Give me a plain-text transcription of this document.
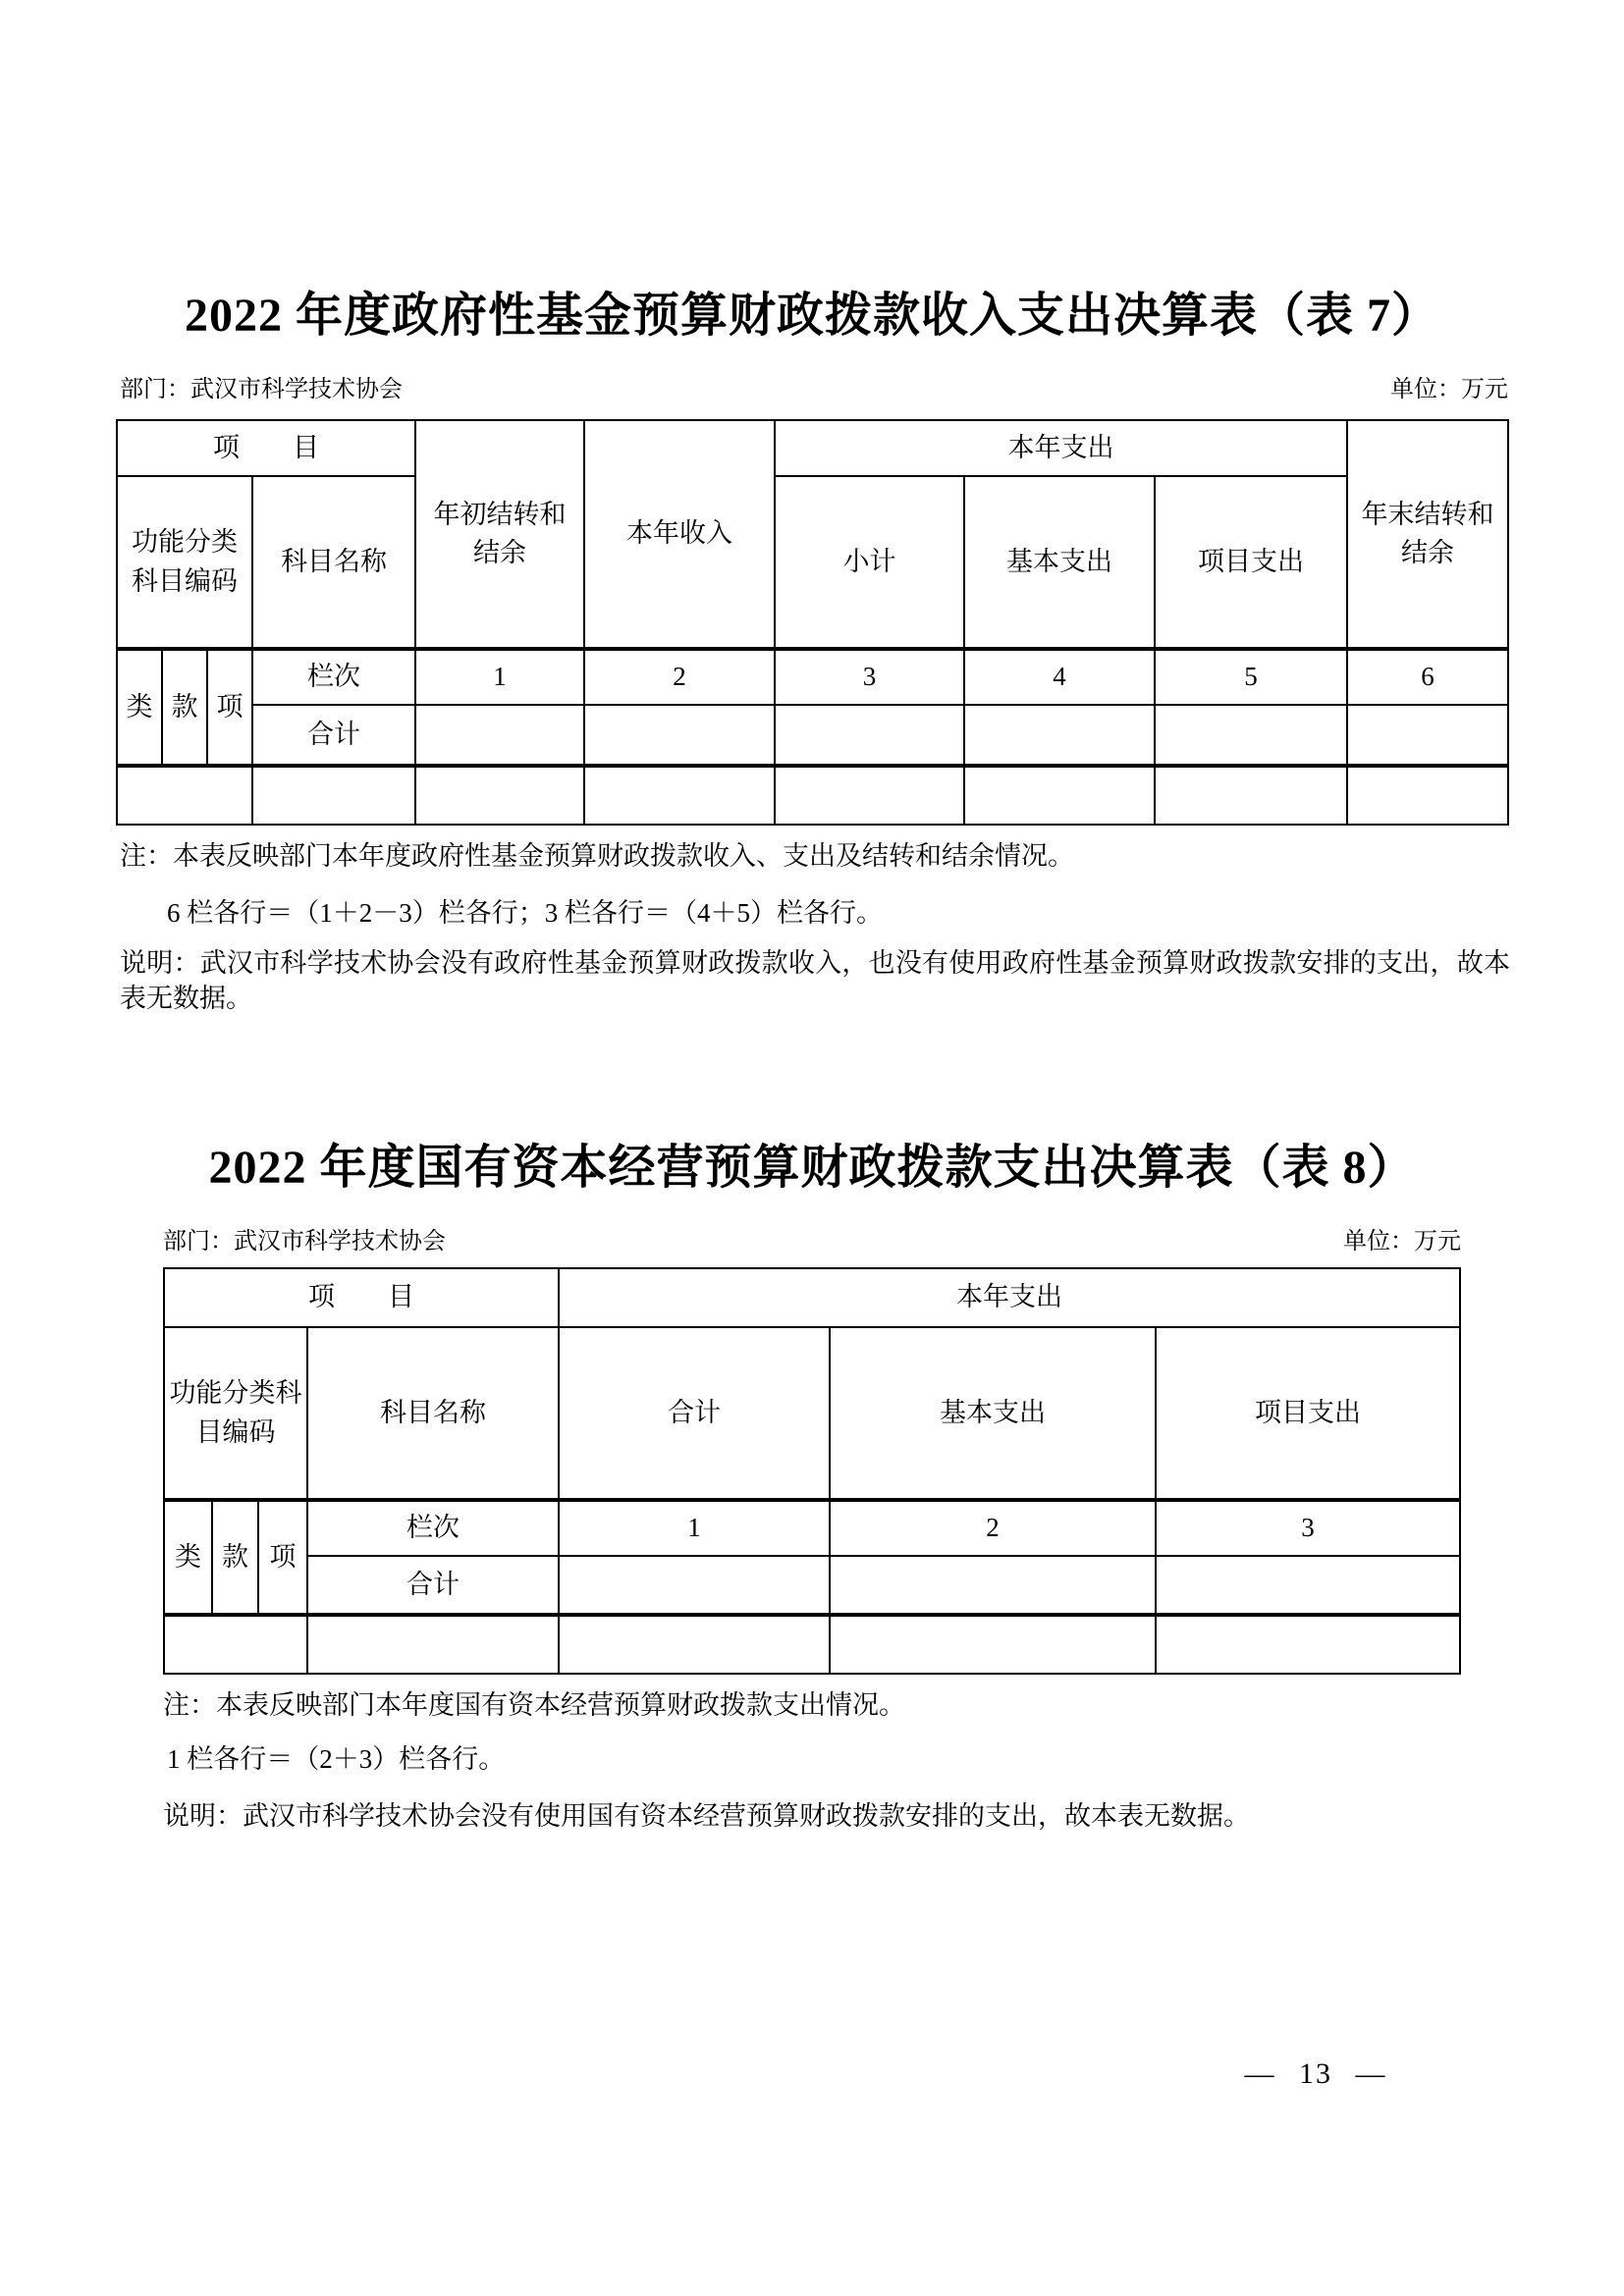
2022 年度政府性基金预算财政拨款收入支出决算表（表 7）
部门：武汉市科学技术协会	单位：万元
项　　目				年初结转和结余	本年收入	本年支出			年末结转和结余
功能分类科目编码			科目名称			小计	基本支出	项目支出	
类	款	项	栏次	1	2	3	4	5	6
			合计						

注：本表反映部门本年度政府性基金预算财政拨款收入、支出及结转和结余情况。
6 栏各行＝（1＋2－3）栏各行；3 栏各行＝（4＋5）栏各行。
说明：武汉市科学技术协会没有政府性基金预算财政拨款收入，也没有使用政府性基金预算财政拨款安排的支出，故本表无数据。
2022 年度国有资本经营预算财政拨款支出决算表（表 8）
部门：武汉市科学技术协会	单位：万元
项　　目				本年支出		
功能分类科目编码			科目名称	合计	基本支出	项目支出
类	款	项	栏次	1	2	3
			合计			

注：本表反映部门本年度国有资本经营预算财政拨款支出情况。
1 栏各行＝（2＋3）栏各行。
说明：武汉市科学技术协会没有使用国有资本经营预算财政拨款安排的支出，故本表无数据。
— 13 —
